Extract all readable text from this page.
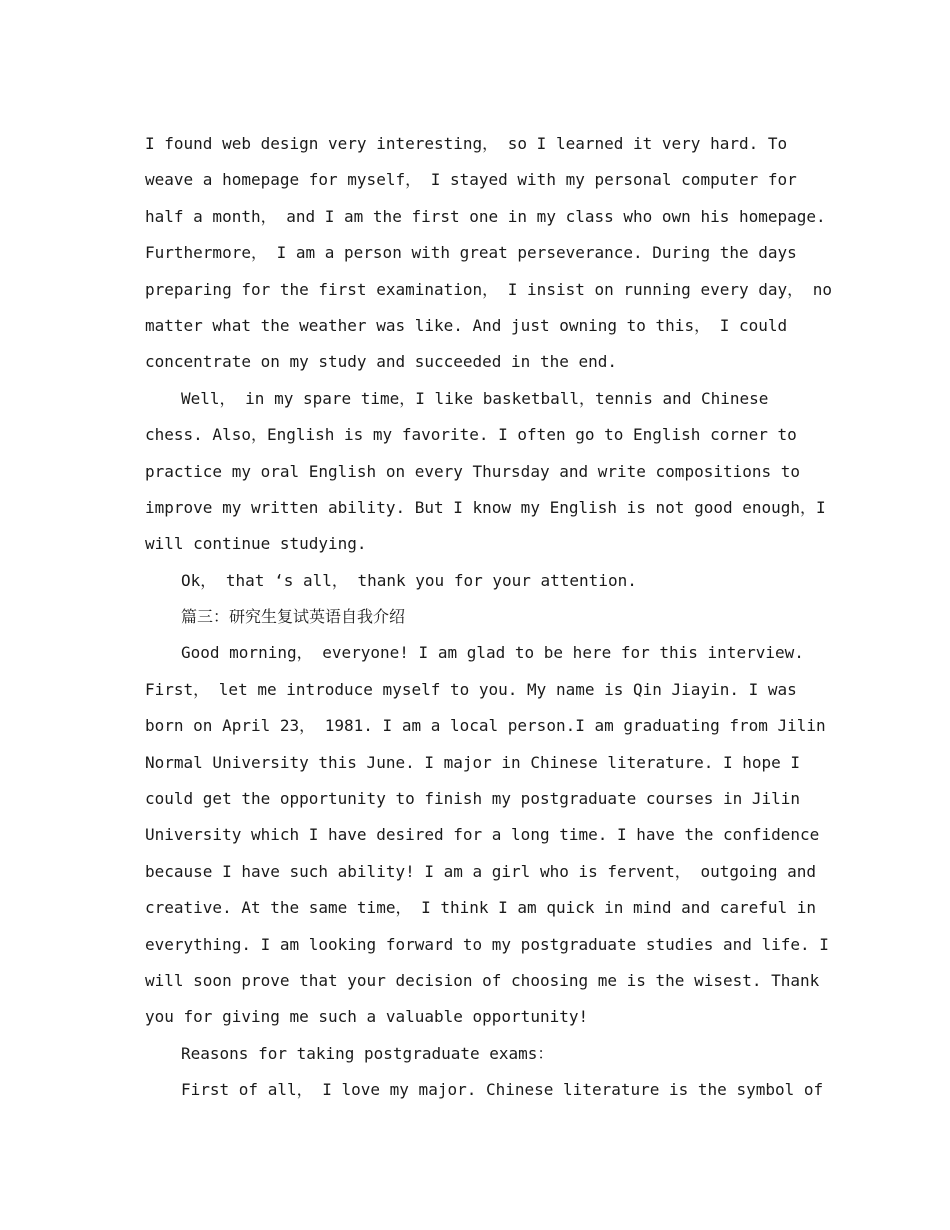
I found web design very interesting， so I learned it very hard. To
weave a homepage for myself， I stayed with my personal computer for
half a month， and I am the first one in my class who own his homepage.
Furthermore， I am a person with great perseverance. During the days
preparing for the first examination， I insist on running every day， no
matter what the weather was like. And just owning to this， I could
concentrate on my study and succeeded in the end.
Well， in my spare time，I like basketball，tennis and Chinese
chess. Also，English is my favorite. I often go to English corner to
practice my oral English on every Thursday and write compositions to
improve my written ability. But I know my English is not good enough，I
will continue studying.
Ok， that ‘s all， thank you for your attention.
篇三：研究生复试英语自我介绍
Good morning， everyone! I am glad to be here for this interview.
First， let me introduce myself to you. My name is Qin Jiayin. I was
born on April 23， 1981. I am a local person.I am graduating from Jilin
Normal University this June. I major in Chinese literature. I hope I
could get the opportunity to finish my postgraduate courses in Jilin
University which I have desired for a long time. I have the confidence
because I have such ability! I am a girl who is fervent， outgoing and
creative. At the same time， I think I am quick in mind and careful in
everything. I am looking forward to my postgraduate studies and life. I
will soon prove that your decision of choosing me is the wisest. Thank
you for giving me such a valuable opportunity!
Reasons for taking postgraduate exams：
First of all， I love my major. Chinese literature is the symbol of
